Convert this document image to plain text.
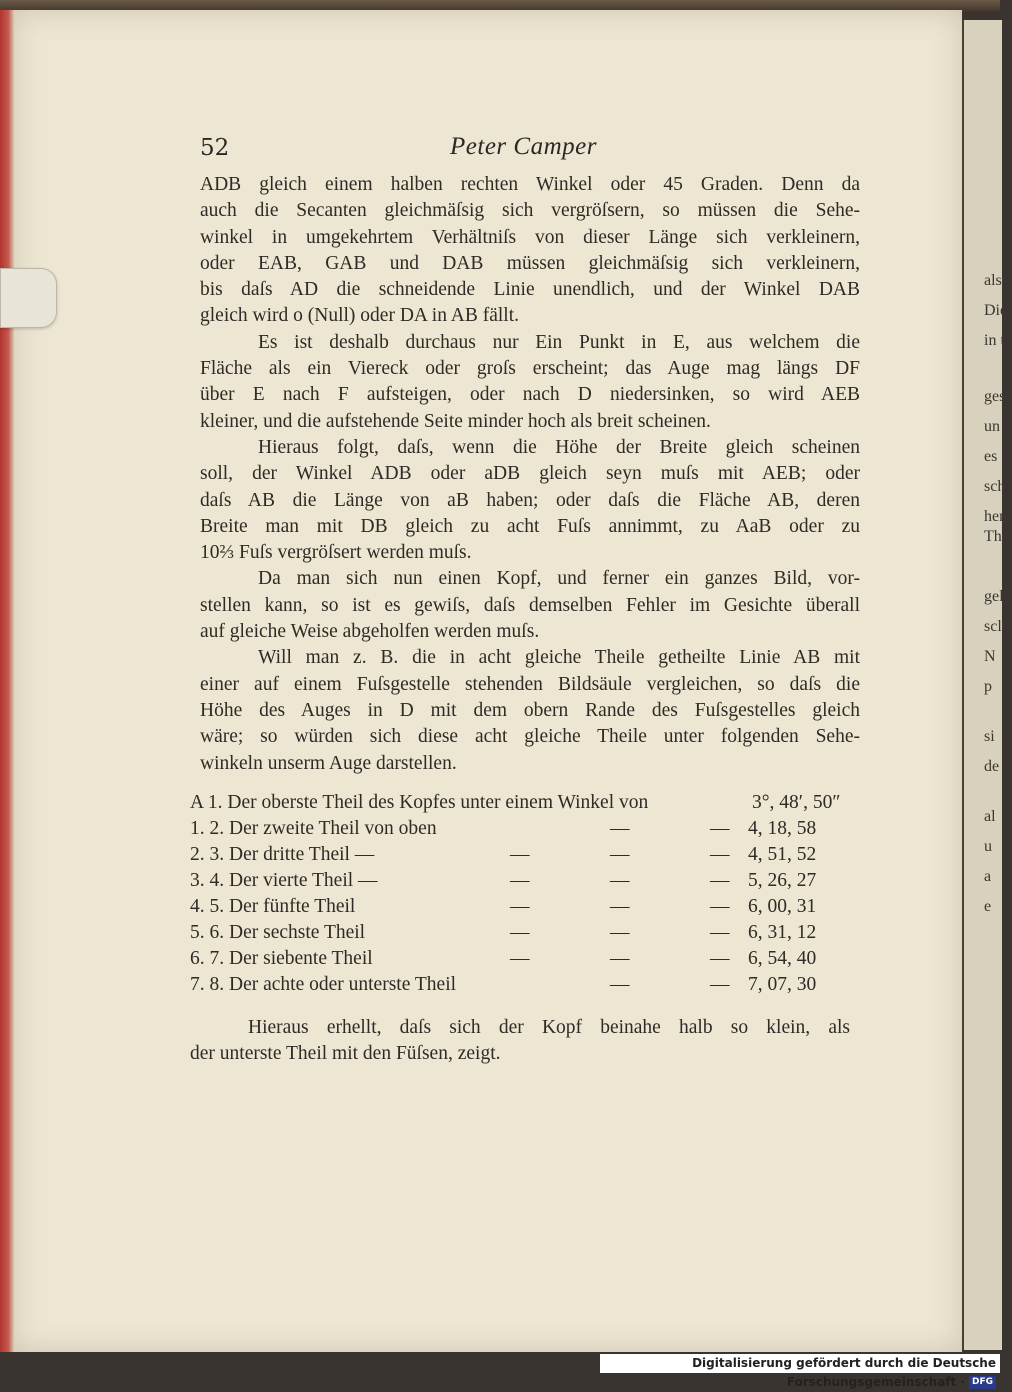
als
Die
in t
gese
un
es
sch
hen
Th
gel
scl
N
p
si
de
al
u
a
e
52	Peter Camper
ADB gleich einem halben rechten Winkel oder 45 Graden. Denn da
auch die Secanten gleichmäſsig sich vergröſsern, so müssen die Sehe-
winkel in umgekehrtem Verhältniſs von dieser Länge sich verkleinern,
oder EAB, GAB und DAB müssen gleichmäſsig sich verkleinern,
bis daſs AD die schneidende Linie unendlich, und der Winkel DAB
gleich wird o (Null) oder DA in AB fällt.
Es ist deshalb durchaus nur Ein Punkt in E, aus welchem die
Fläche als ein Viereck oder groſs erscheint; das Auge mag längs DF
über E nach F aufsteigen, oder nach D niedersinken, so wird AEB
kleiner, und die aufstehende Seite minder hoch als breit scheinen.
Hieraus folgt, daſs, wenn die Höhe der Breite gleich scheinen
soll, der Winkel ADB oder aDB gleich seyn muſs mit AEB; oder
daſs AB die Länge von aB haben; oder daſs die Fläche AB, deren
Breite man mit DB gleich zu acht Fuſs annimmt, zu AaB oder zu
10⅔ Fuſs vergröſsert werden muſs.
Da man sich nun einen Kopf, und ferner ein ganzes Bild, vor-
stellen kann, so ist es gewiſs, daſs demselben Fehler im Gesichte überall
auf gleiche Weise abgeholfen werden muſs.
Will man z. B. die in acht gleiche Theile getheilte Linie AB mit
einer auf einem Fuſsgestelle stehenden Bildsäule vergleichen, so daſs die
Höhe des Auges in D mit dem obern Rande des Fuſsgestelles gleich
wäre; so würden sich diese acht gleiche Theile unter folgenden Sehe-
winkeln unserm Auge darstellen.
A 1. Der oberste Theil des Kopfes unter einem Winkel von	3°, 48′, 50″
1. 2. Der zweite Theil von oben	—	— 4, 18, 58
2. 3. Der dritte Theil —	—	—	— 4, 51, 52
3. 4. Der vierte Theil —	—	—	— 5, 26, 27
4. 5. Der fünfte Theil	—	—	— 6, 00, 31
5. 6. Der sechste Theil	—	—	— 6, 31, 12
6. 7. Der siebente Theil	—	—	— 6, 54, 40
7. 8. Der achte oder unterste Theil	—	— 7, 07, 30
Hieraus erhellt, daſs sich der Kopf beinahe halb so klein, als
der unterste Theil mit den Füſsen, zeigt.
Digitalisierung gefördert durch die Deutsche Forschungsgemeinschaft · DFG
